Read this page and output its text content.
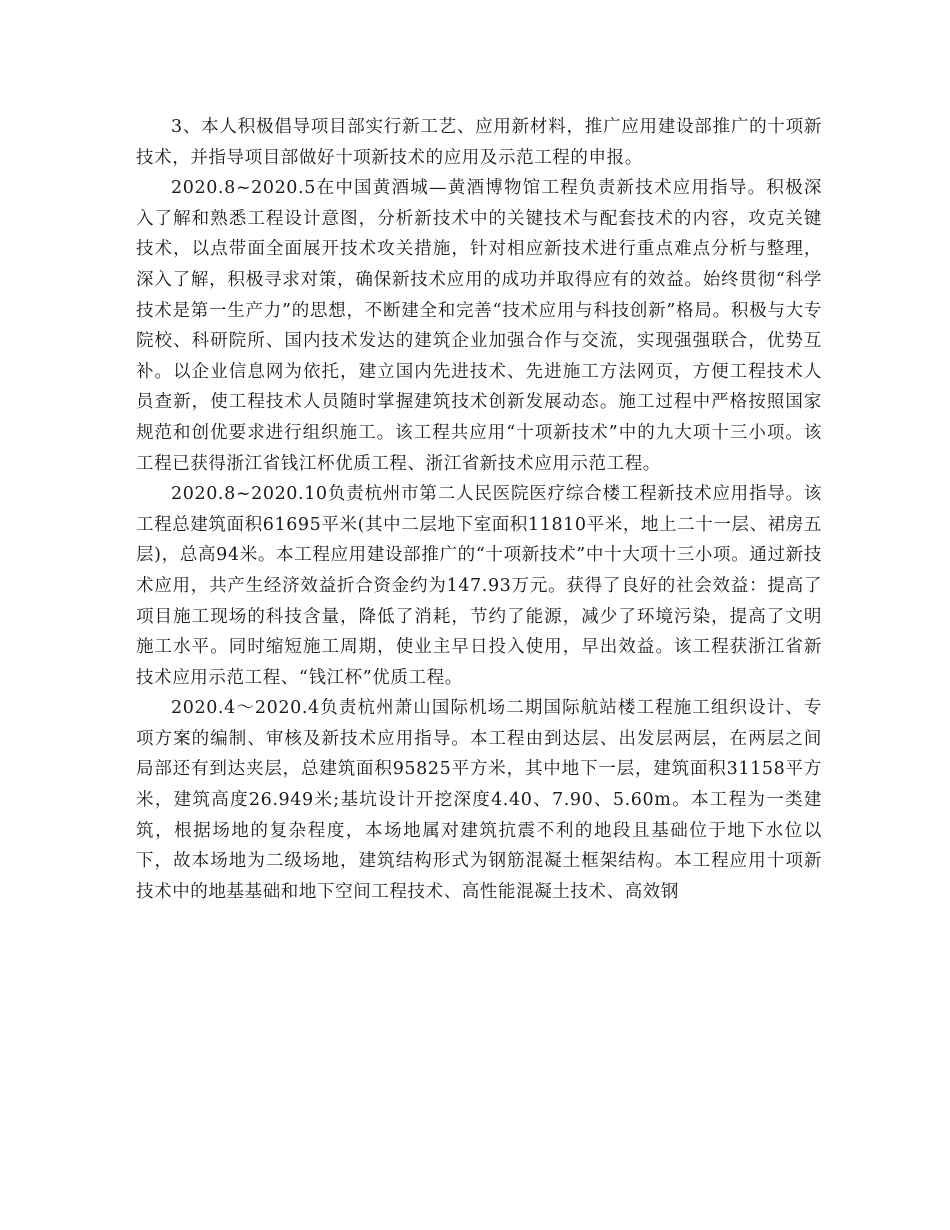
3、本人积极倡导项目部实行新工艺、应用新材料，推广应用建设部推广的十项新技术，并指导项目部做好十项新技术的应用及示范工程的申报。

2020.8~2020.5在中国黄酒城—黄酒博物馆工程负责新技术应用指导。积极深入了解和熟悉工程设计意图，分析新技术中的关键技术与配套技术的内容，攻克关键技术，以点带面全面展开技术攻关措施，针对相应新技术进行重点难点分析与整理，深入了解，积极寻求对策，确保新技术应用的成功并取得应有的效益。始终贯彻“科学技术是第一生产力”的思想，不断建全和完善“技术应用与科技创新”格局。积极与大专院校、科研院所、国内技术发达的建筑企业加强合作与交流，实现强强联合，优势互补。以企业信息网为依托，建立国内先进技术、先进施工方法网页，方便工程技术人员查新，使工程技术人员随时掌握建筑技术创新发展动态。施工过程中严格按照国家规范和创优要求进行组织施工。该工程共应用“十项新技术”中的九大项十三小项。该工程已获得浙江省钱江杯优质工程、浙江省新技术应用示范工程。

2020.8~2020.10负责杭州市第二人民医院医疗综合楼工程新技术应用指导。该工程总建筑面积61695平米(其中二层地下室面积11810平米，地上二十一层、裙房五层)，总高94米。本工程应用建设部推广的“十项新技术”中十大项十三小项。通过新技术应用，共产生经济效益折合资金约为147.93万元。获得了良好的社会效益：提高了项目施工现场的科技含量，降低了消耗，节约了能源，减少了环境污染，提高了文明施工水平。同时缩短施工周期，使业主早日投入使用，早出效益。该工程获浙江省新技术应用示范工程、“钱江杯”优质工程。

2020.4～2020.4负责杭州萧山国际机场二期国际航站楼工程施工组织设计、专项方案的编制、审核及新技术应用指导。本工程由到达层、出发层两层，在两层之间局部还有到达夹层，总建筑面积95825平方米，其中地下一层，建筑面积31158平方米，建筑高度26.949米;基坑设计开挖深度4.40、7.90、5.60m。本工程为一类建筑，根据场地的复杂程度，本场地属对建筑抗震不利的地段且基础位于地下水位以下，故本场地为二级场地，建筑结构形式为钢筋混凝土框架结构。本工程应用十项新技术中的地基基础和地下空间工程技术、高性能混凝土技术、高效钢
